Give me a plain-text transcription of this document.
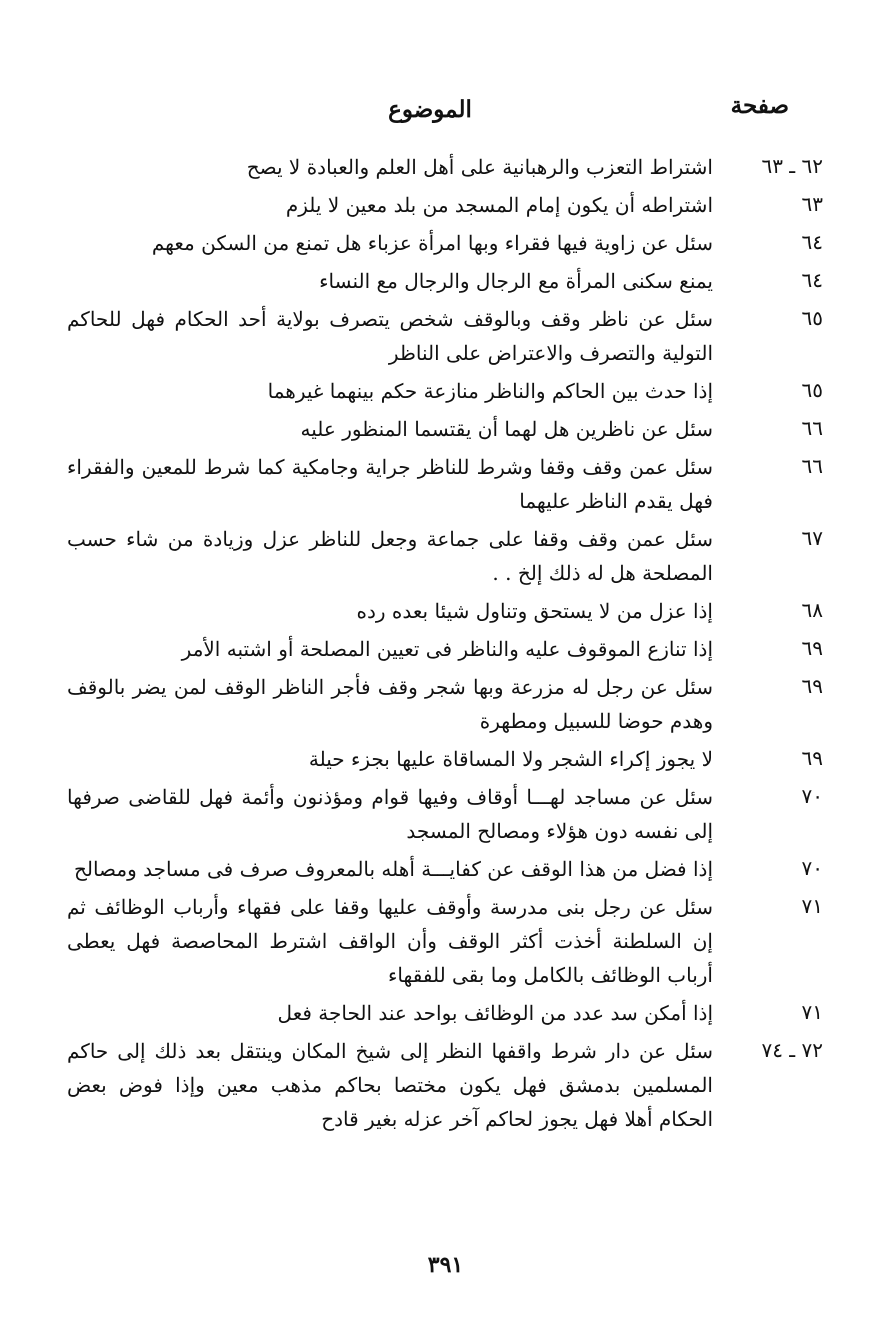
صفحة
الموضوع
٦٢ ـ ٦٣
اشتراط التعزب والرهبانية على أهل العلم والعبادة لا يصح
٦٣
اشتراطه أن يكون إمام المسجد من بلد معين لا يلزم
٦٤
سئل عن زاوية فيها فقراء وبها امرأة عزباء هل تمنع من السكن معهم
٦٤
يمنع سكنى المرأة مع الرجال والرجال مع النساء
٦٥
سئل عن ناظر وقف وبالوقف شخص يتصرف بولاية أحد الحكام فهل للحاكم التولية والتصرف والاعتراض على الناظر
٦٥
إذا حدث بين الحاكم والناظر منازعة حكم بينهما غيرهما
٦٦
سئل عن ناظرين هل لهما أن يقتسما المنظور عليه
٦٦
سئل عمن وقف وقفا وشرط للناظر جراية وجامكية كما شرط للمعين والفقراء فهل يقدم الناظر عليهما
٦٧
سئل عمن وقف وقفا على جماعة وجعل للناظر عزل وزيادة من شاء حسب المصلحة هل له ذلك إلخ . .
٦٨
إذا عزل من لا يستحق وتناول شيئا بعده رده
٦٩
إذا تنازع الموقوف عليه والناظر فى تعيين المصلحة أو اشتبه الأمر
٦٩
سئل عن رجل له مزرعة وبها شجر وقف فأجر الناظر الوقف لمن يضر بالوقف وهدم حوضا للسبيل ومطهرة
٦٩
لا يجوز إكراء الشجر ولا المساقاة عليها بجزء حيلة
٧٠
سئل عن مساجد لهـــا أوقاف وفيها قوام ومؤذنون وأئمة فهل للقاضى صرفها إلى نفسه دون هؤلاء ومصالح المسجد
٧٠
إذا فضل من هذا الوقف عن كفايـــة أهله بالمعروف صرف فى مساجد ومصالح
٧١
سئل عن رجل بنى مدرسة وأوقف عليها وقفا على فقهاء وأرباب الوظائف ثم إن السلطنة أخذت أكثر الوقف وأن الواقف اشترط المحاصصة فهل يعطى أرباب الوظائف بالكامل وما بقى للفقهاء
٧١
إذا أمكن سد عدد من الوظائف بواحد عند الحاجة فعل
٧٢ ـ ٧٤
سئل عن دار شرط واقفها النظر إلى شيخ المكان وينتقل بعد ذلك إلى حاكم المسلمين بدمشق فهل يكون مختصا بحاكم مذهب معين وإذا فوض بعض الحكام أهلا فهل يجوز لحاكم آخر عزله بغير قادح
٣٩١
